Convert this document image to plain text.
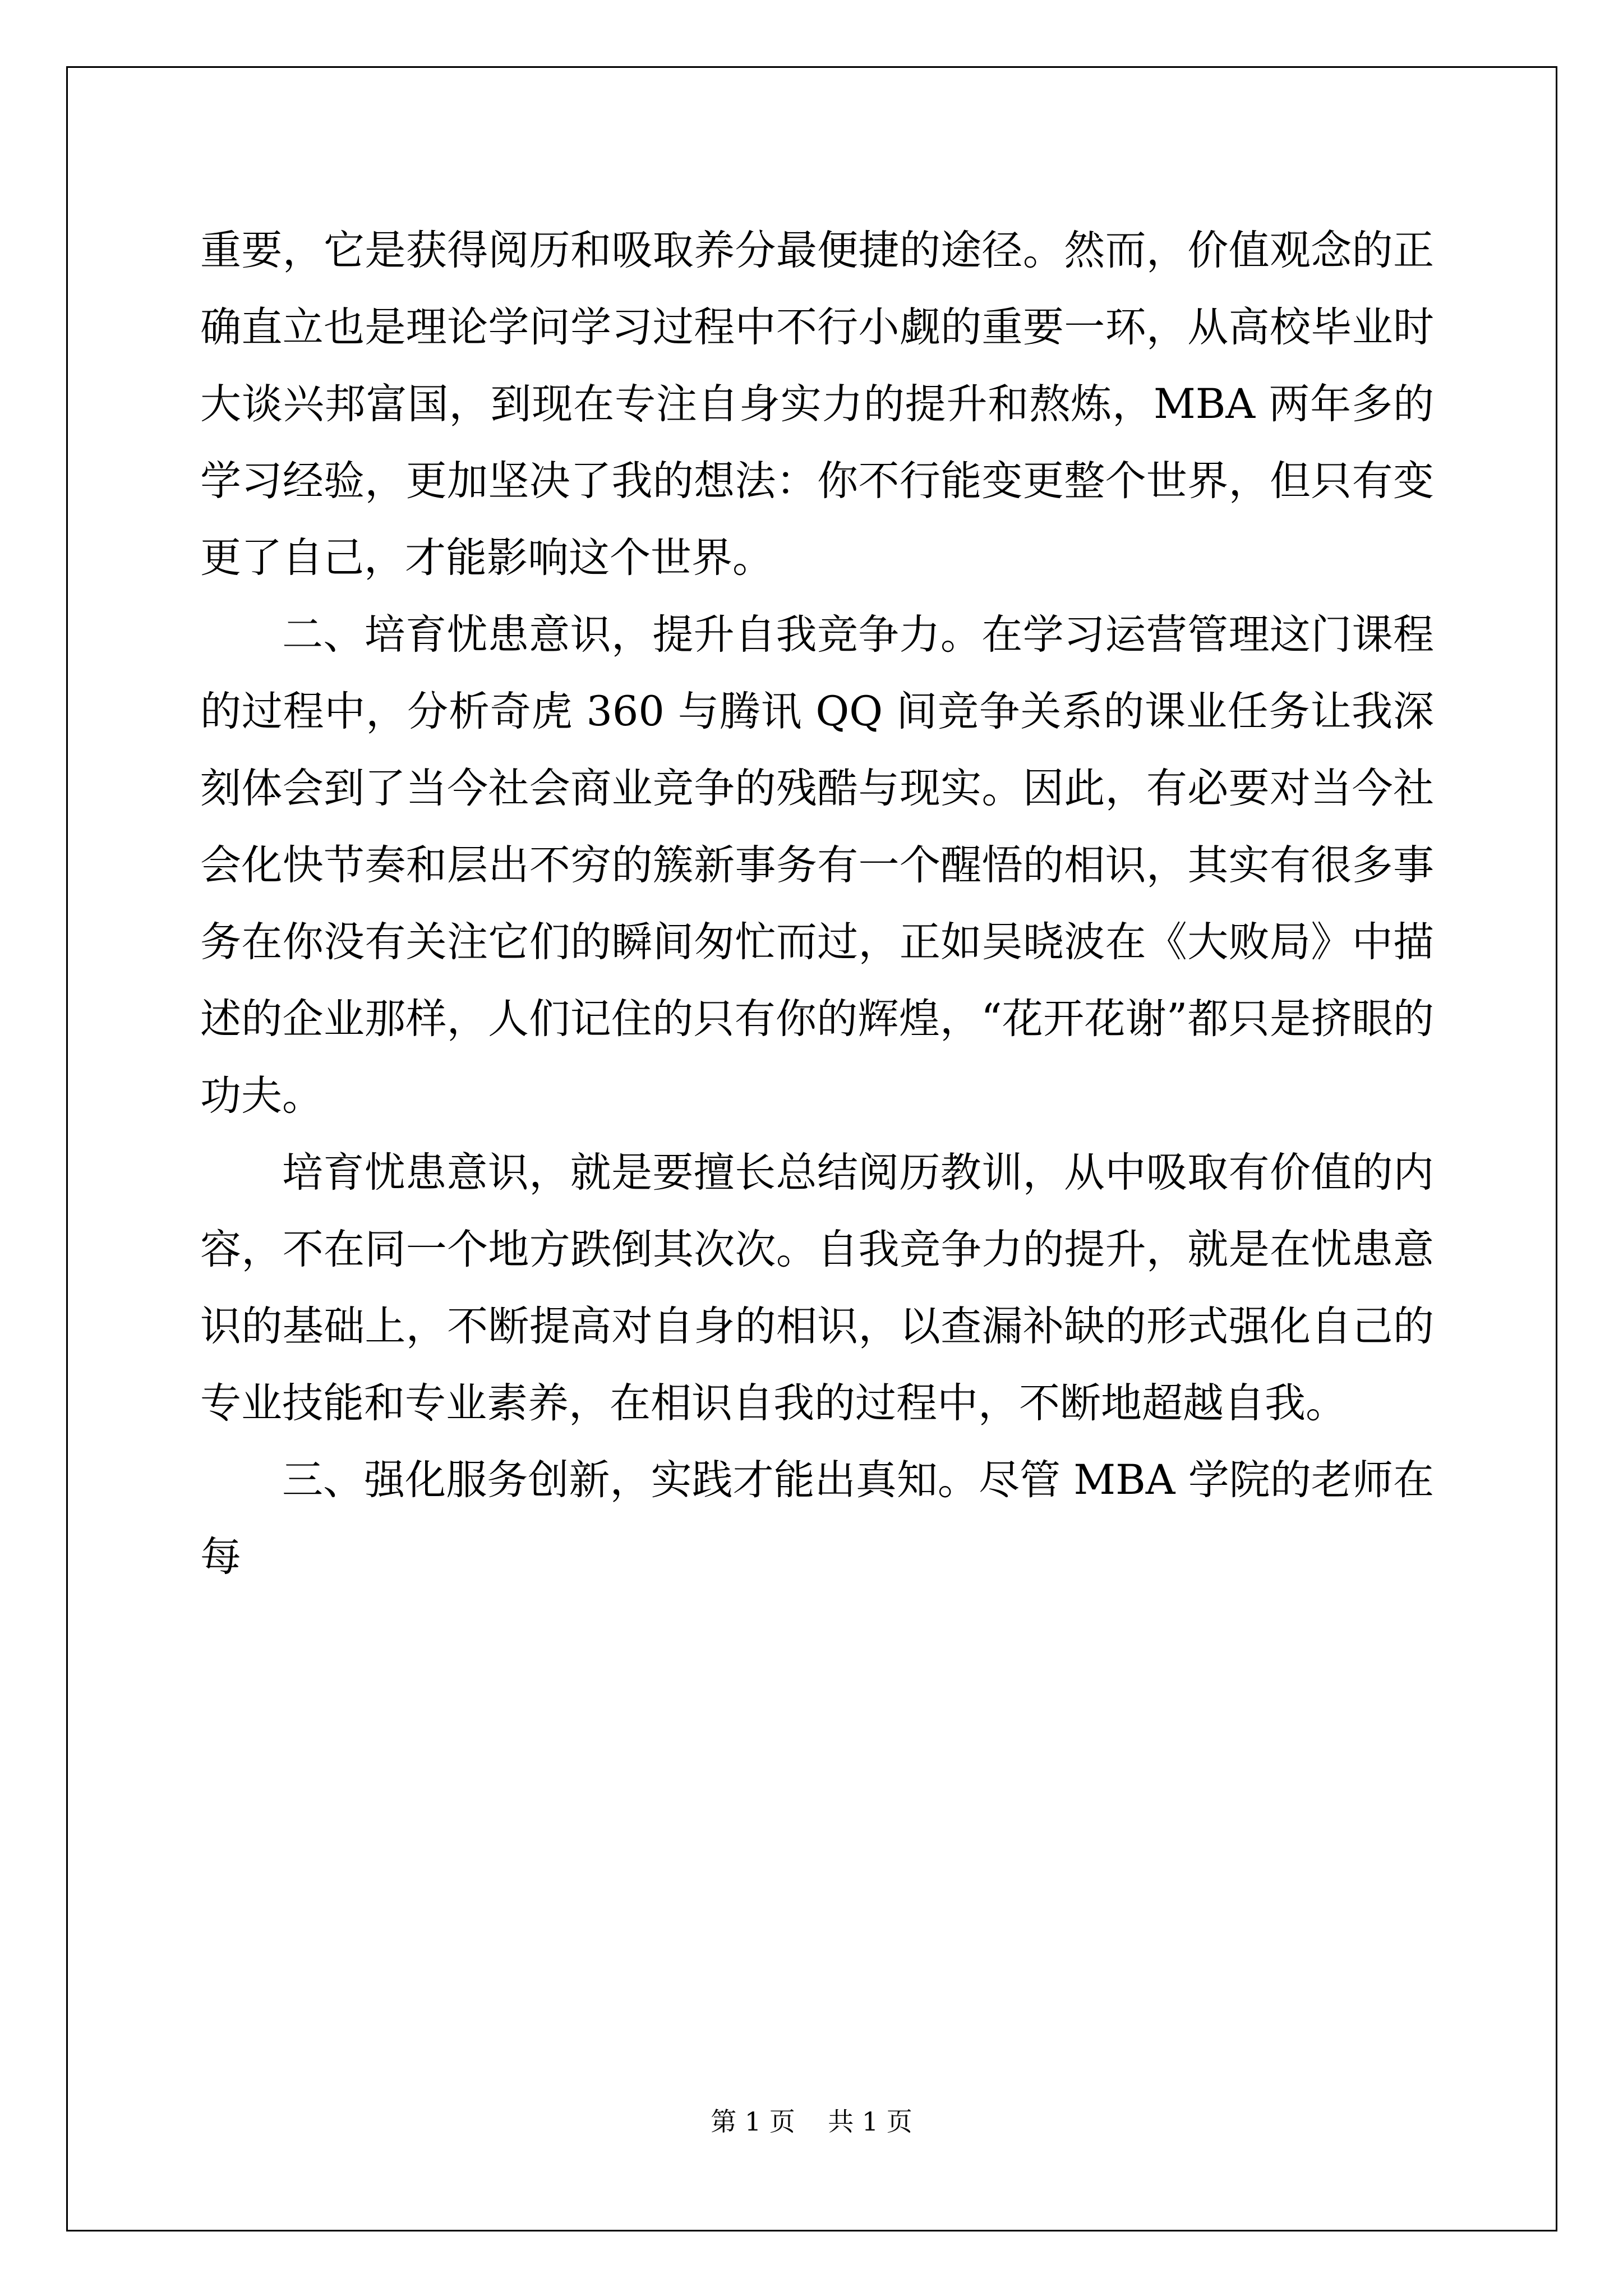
重要，它是获得阅历和吸取养分最便捷的途径。然而，价值观念的正确直立也是理论学问学习过程中不行小觑的重要一环，从高校毕业时大谈兴邦富国，到现在专注自身实力的提升和熬炼，MBA 两年多的学习经验，更加坚决了我的想法：你不行能变更整个世界，但只有变更了自己，才能影响这个世界。

二、培育忧患意识，提升自我竞争力。在学习运营管理这门课程的过程中，分析奇虎 360 与腾讯 QQ 间竞争关系的课业任务让我深刻体会到了当今社会商业竞争的残酷与现实。因此，有必要对当今社会化快节奏和层出不穷的簇新事务有一个醒悟的相识，其实有很多事务在你没有关注它们的瞬间匆忙而过，正如吴晓波在《大败局》中描述的企业那样，人们记住的只有你的辉煌，“花开花谢”都只是挤眼的功夫。

培育忧患意识，就是要擅长总结阅历教训，从中吸取有价值的内容，不在同一个地方跌倒其次次。自我竞争力的提升，就是在忧患意识的基础上，不断提高对自身的相识，以查漏补缺的形式强化自己的专业技能和专业素养，在相识自我的过程中，不断地超越自我。

三、强化服务创新，实践才能出真知。尽管 MBA 学院的老师在每

第 1 页    共 1 页
